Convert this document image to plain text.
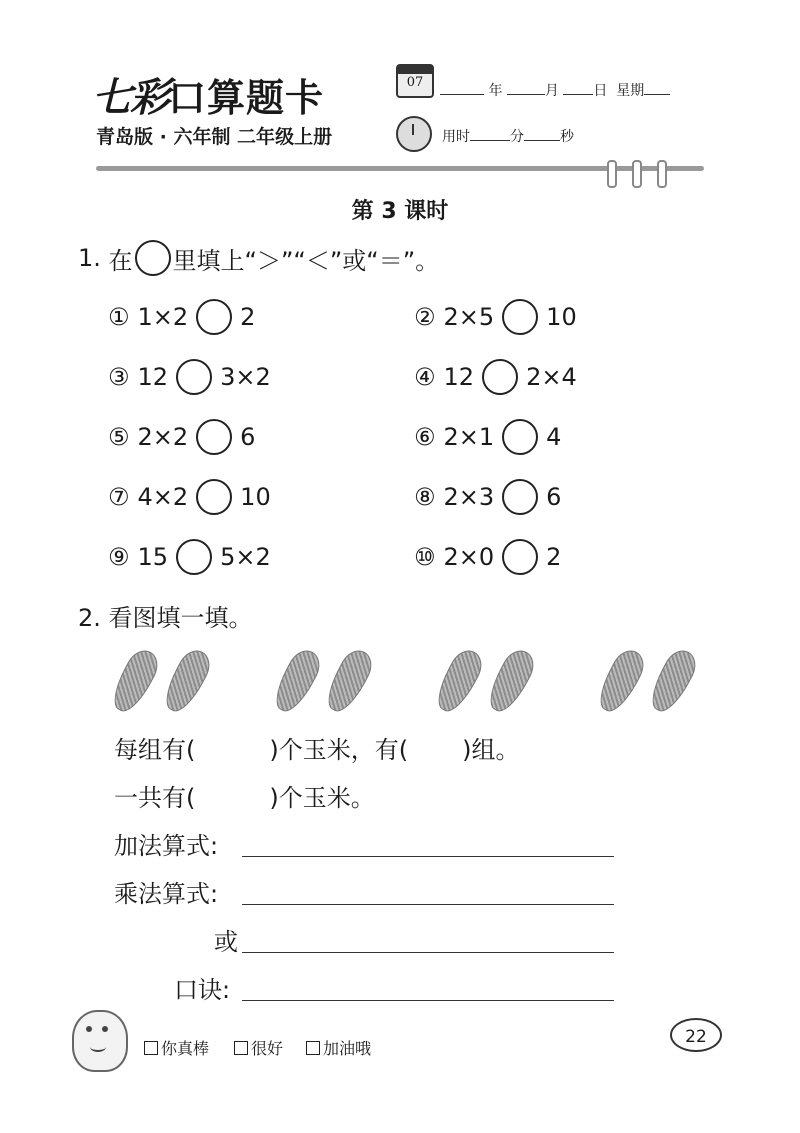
七彩口算题卡
青岛版 · 六年制 二年级上册
07
年	月 日 星期
用时	分	秒
第 3 课时
1.
在 里填上“＞”“＜”或“＝”。
① 1×2 2	② 2×5 10
③ 12 3×2	④ 12 2×4
⑤ 2×2 6	⑥ 2×1 4
⑦ 4×2 10	⑧ 2×3 6
⑨ 15 5×2	⑩ 2×0 2
2. 看图填一填。
每组有(	)个玉米，有( )组。
一共有(	)个玉米。
加法算式:
乘法算式:
或
口诀:
你真棒	很好 加油哦
22
